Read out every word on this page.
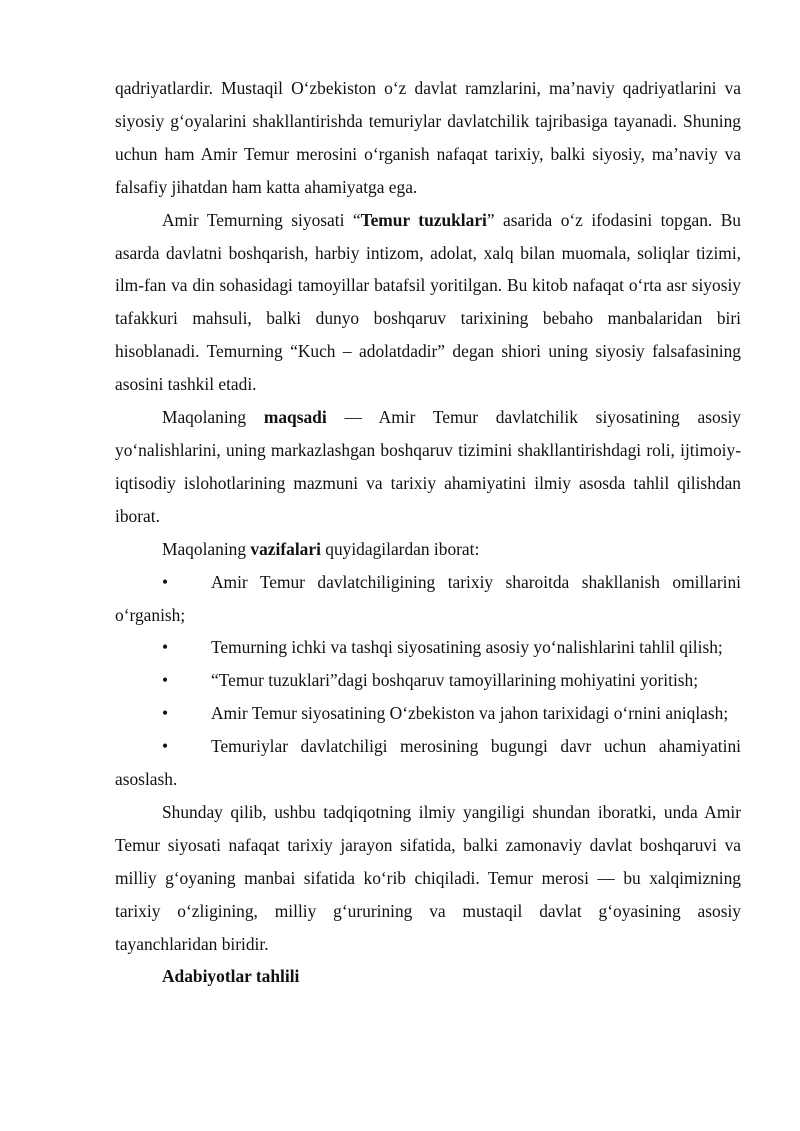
qadriyatlardir. Mustaqil O‘zbekiston o‘z davlat ramzlarini, ma’naviy qadriyatlarini va siyosiy g‘oyalarini shakllantirishda temuriylar davlatchilik tajribasiga tayanadi. Shuning uchun ham Amir Temur merosini o‘rganish nafaqat tarixiy, balki siyosiy, ma’naviy va falsafiy jihatdan ham katta ahamiyatga ega.

Amir Temurning siyosati “Temur tuzuklari” asarida o‘z ifodasini topgan. Bu asarda davlatni boshqarish, harbiy intizom, adolat, xalq bilan muomala, soliqlar tizimi, ilm-fan va din sohasidagi tamoyillar batafsil yoritilgan. Bu kitob nafaqat o‘rta asr siyosiy tafakkuri mahsuli, balki dunyo boshqaruv tarixining bebaho manbalaridan biri hisoblanadi. Temurning “Kuch – adolatdadir” degan shiori uning siyosiy falsafasining asosini tashkil etadi.

Maqolaning maqsadi — Amir Temur davlatchilik siyosatining asosiy yo‘nalishlarini, uning markazlashgan boshqaruv tizimini shakllantirishdagi roli, ijtimoiy-iqtisodiy islohotlarining mazmuni va tarixiy ahamiyatini ilmiy asosda tahlil qilishdan iborat.

Maqolaning vazifalari quyidagilardan iborat:

• Amir Temur davlatchiligining tarixiy sharoitda shakllanish omillarini o‘rganish;

• Temurning ichki va tashqi siyosatining asosiy yo‘nalishlarini tahlil qilish;

• “Temur tuzuklari”dagi boshqaruv tamoyillarining mohiyatini yoritish;

• Amir Temur siyosatining O‘zbekiston va jahon tarixidagi o‘rnini aniqlash;

• Temuriylar davlatchiligi merosining bugungi davr uchun ahamiyatini asoslash.

Shunday qilib, ushbu tadqiqotning ilmiy yangiligi shundan iboratki, unda Amir Temur siyosati nafaqat tarixiy jarayon sifatida, balki zamonaviy davlat boshqaruvi va milliy g‘oyaning manbai sifatida ko‘rib chiqiladi. Temur merosi — bu xalqimizning tarixiy o‘zligining, milliy g‘ururining va mustaqil davlat g‘oyasining asosiy tayanchlaridan biridir.

Adabiyotlar tahlili
